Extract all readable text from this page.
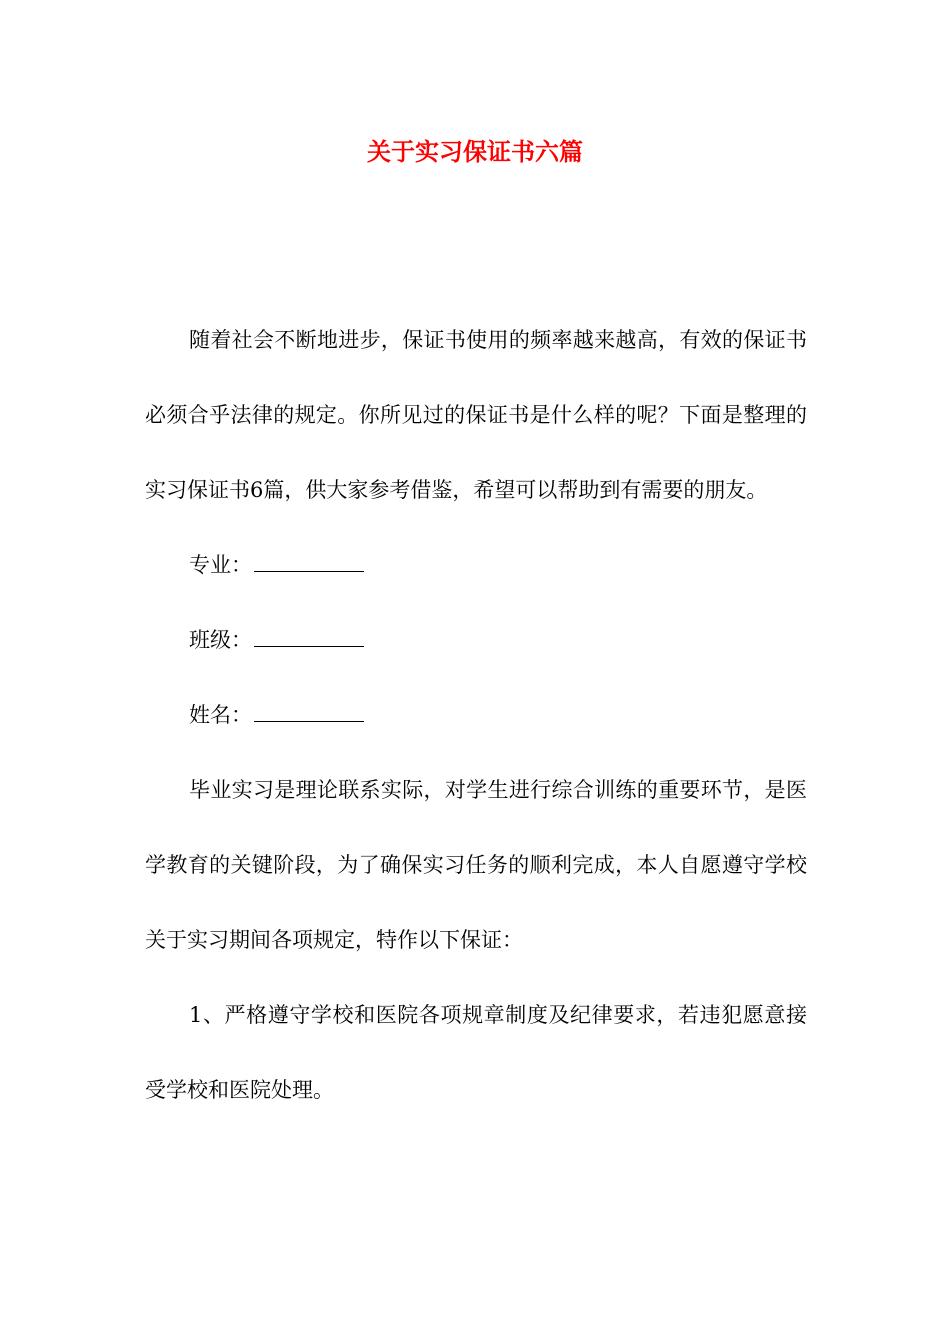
关于实习保证书六篇

随着社会不断地进步，保证书使用的频率越来越高，有效的保证书必须合乎法律的规定。你所见过的保证书是什么样的呢？下面是整理的实习保证书6篇，供大家参考借鉴，希望可以帮助到有需要的朋友。

专业：

班级：

姓名：

毕业实习是理论联系实际，对学生进行综合训练的重要环节，是医学教育的关键阶段，为了确保实习任务的顺利完成，本人自愿遵守学校关于实习期间各项规定，特作以下保证：

1、严格遵守学校和医院各项规章制度及纪律要求，若违犯愿意接受学校和医院处理。
